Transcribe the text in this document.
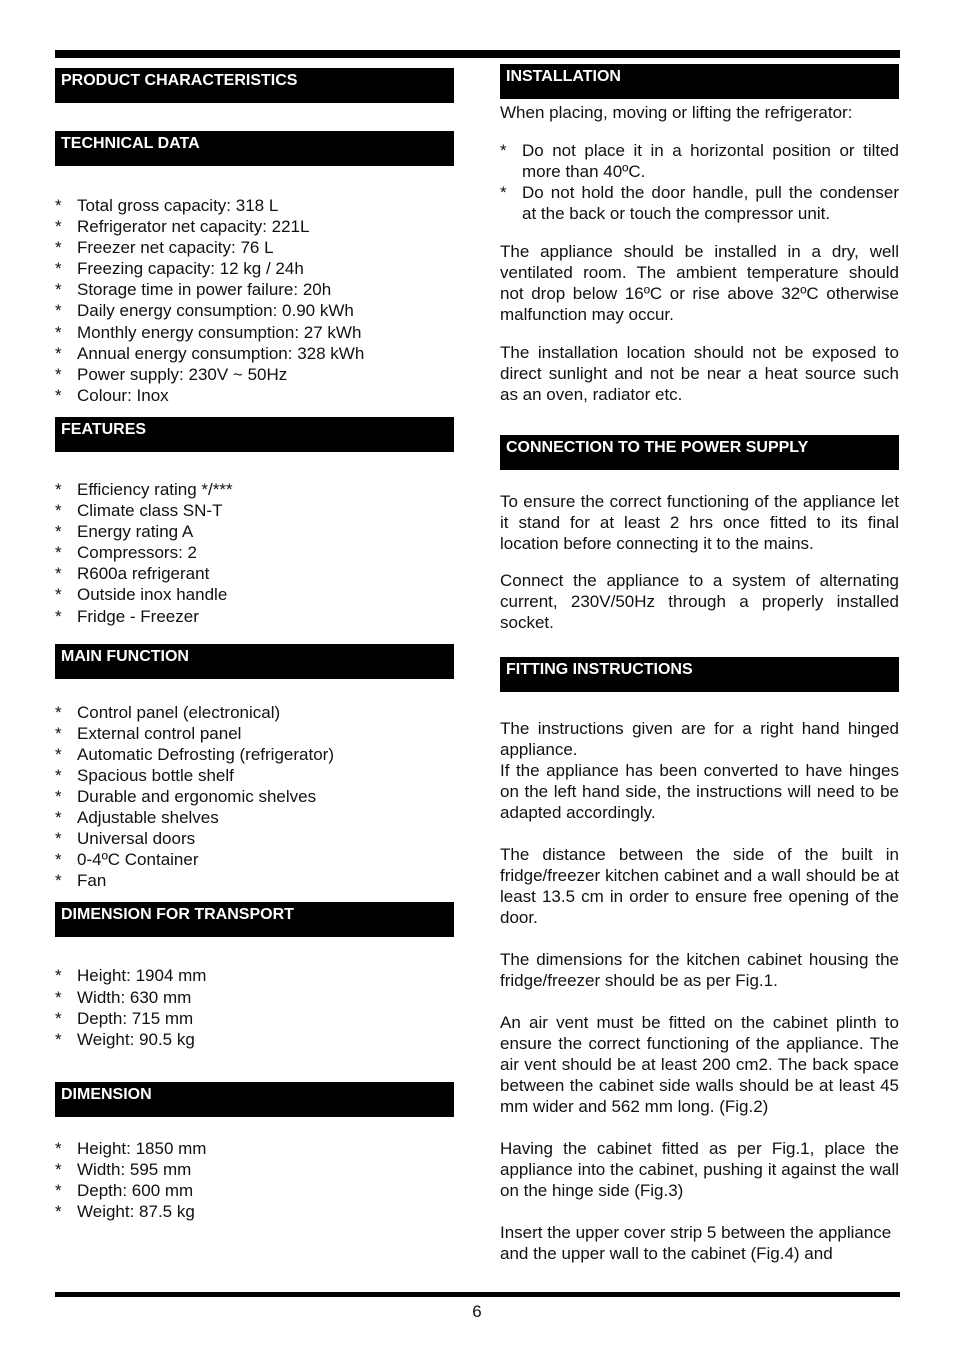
PRODUCT CHARACTERISTICS
TECHNICAL DATA
* Total gross capacity: 318 L
* Refrigerator net capacity: 221L
* Freezer net capacity: 76 L
* Freezing capacity: 12 kg / 24h
* Storage time in power failure: 20h
* Daily energy consumption: 0.90 kWh
* Monthly energy consumption: 27 kWh
* Annual energy consumption: 328 kWh
* Power supply: 230V ~ 50Hz
* Colour: Inox
FEATURES
* Efficiency rating */***
* Climate class SN-T
* Energy rating A
* Compressors: 2
* R600a refrigerant
* Outside inox handle
* Fridge - Freezer
MAIN FUNCTION
* Control panel (electronical)
* External control panel
* Automatic Defrosting (refrigerator)
* Spacious bottle shelf
* Durable and ergonomic shelves
* Adjustable shelves
* Universal doors
* 0-4ºC Container
* Fan
DIMENSION FOR TRANSPORT
* Height: 1904 mm
* Width: 630 mm
* Depth: 715 mm
* Weight: 90.5 kg
DIMENSION
* Height: 1850 mm
* Width: 595 mm
* Depth: 600 mm
* Weight: 87.5 kg
INSTALLATION

When placing, moving or lifting the refrigerator:

* Do not place it in a horizontal position or tilted more than 40ºC.
* Do not hold the door handle, pull the condenser at the back or touch the compressor unit.

The appliance should be installed in a dry, well ventilated room. The ambient temperature should not drop below 16ºC or rise above 32ºC otherwise malfunction may occur.

The installation location should not be exposed to direct sunlight and not be near a heat source such as an oven, radiator etc.

CONNECTION TO THE POWER SUPPLY

To ensure the correct functioning of the appliance let it stand for at least 2 hrs once fitted to its final location before connecting it to the mains.

Connect the appliance to a system of alternating current, 230V/50Hz through a properly installed socket.

FITTING INSTRUCTIONS

The instructions given are for a right hand hinged appliance.

If the appliance has been converted to have hinges on the left hand side, the instructions will need to be adapted accordingly.

The distance between the side of the built in fridge/freezer kitchen cabinet and a wall should be at least 13.5 cm in order to ensure free opening of the door.

The dimensions for the kitchen cabinet housing the fridge/freezer should be as per Fig.1.

An air vent must be fitted on the cabinet plinth to ensure the correct functioning of the appliance. The air vent should be at least 200 cm2. The back space between the cabinet side walls should be at least 45 mm wider and 562 mm long. (Fig.2)

Having the cabinet fitted as per Fig.1, place the appliance into the cabinet, pushing it against the wall on the hinge side (Fig.3)

Insert the upper cover strip 5 between the appliance and the upper wall to the cabinet (Fig.4) and

6
